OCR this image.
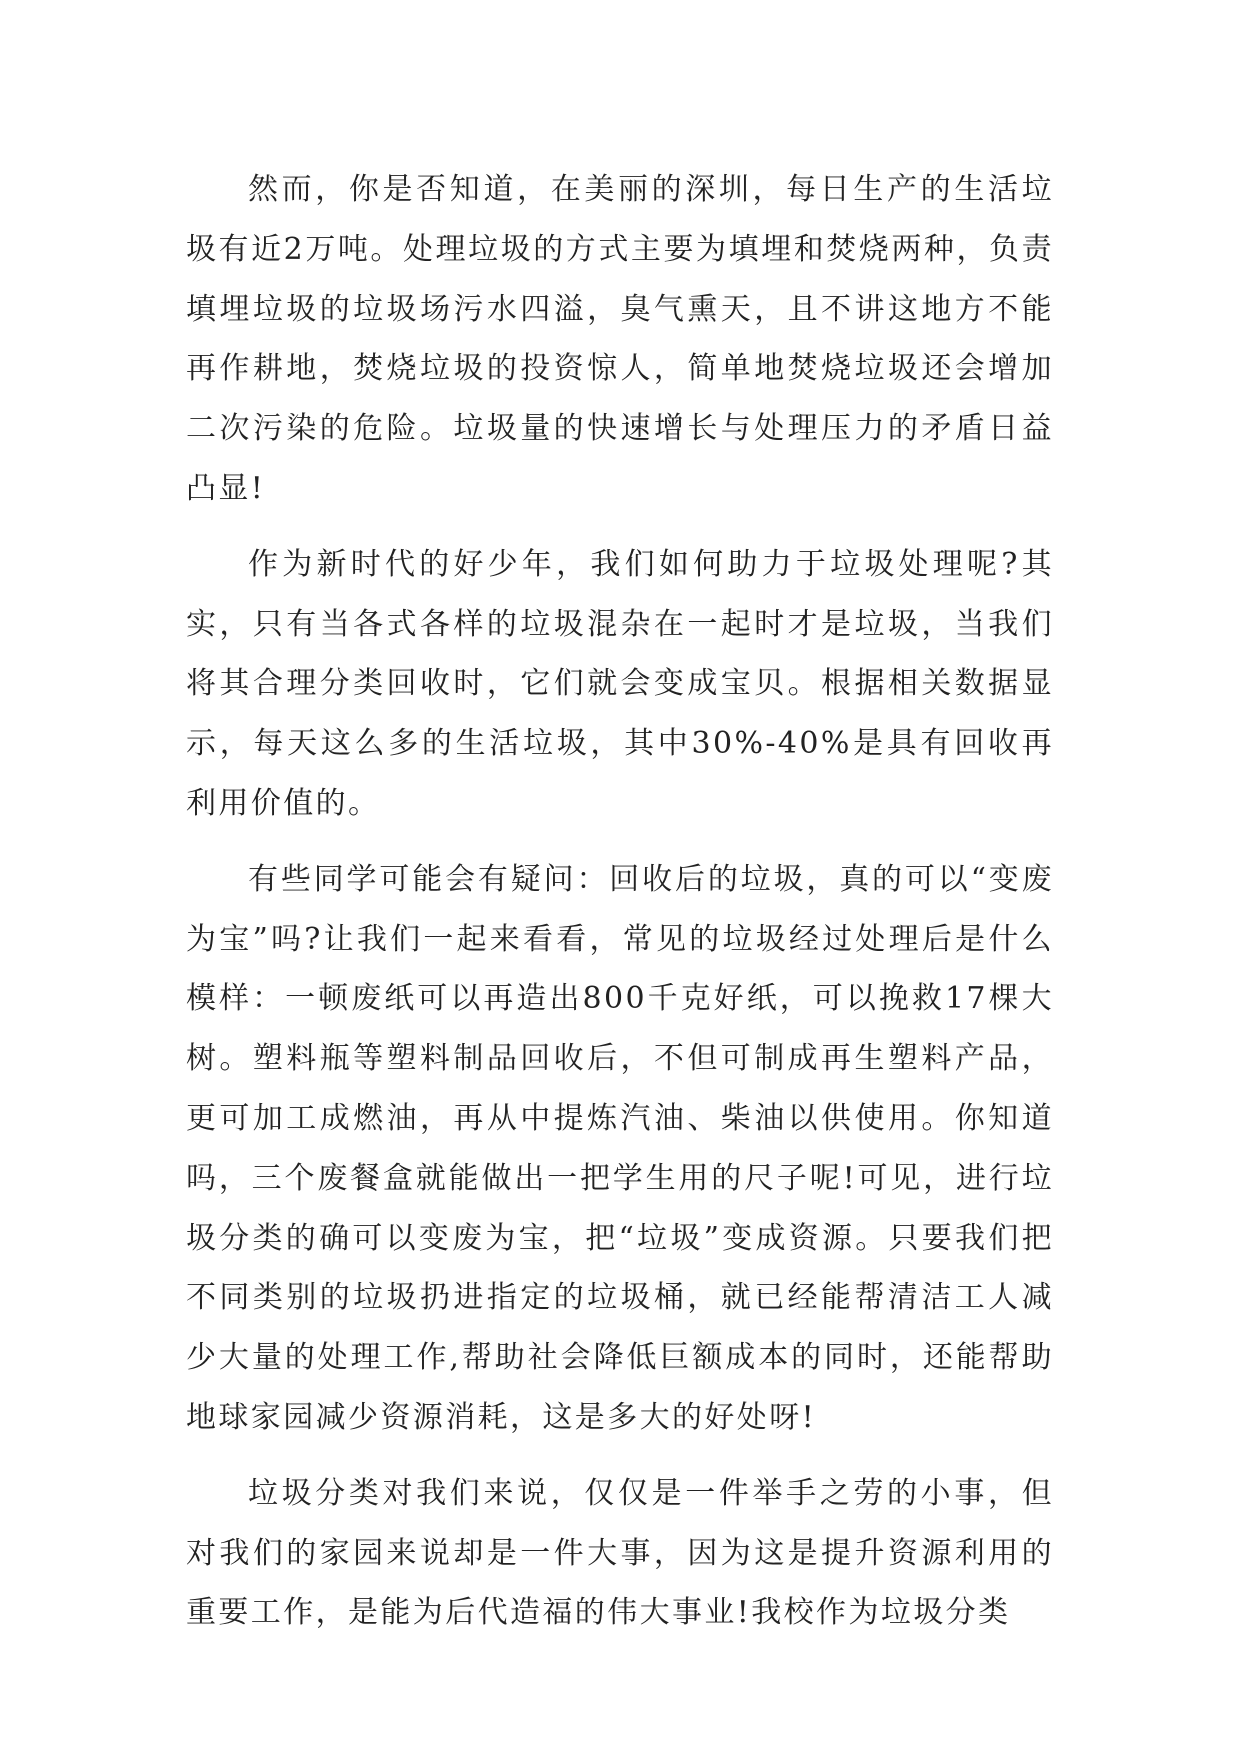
然而，你是否知道，在美丽的深圳，每日生产的生活垃圾有近2万吨。处理垃圾的方式主要为填埋和焚烧两种，负责填埋垃圾的垃圾场污水四溢，臭气熏天，且不讲这地方不能再作耕地，焚烧垃圾的投资惊人，简单地焚烧垃圾还会增加二次污染的危险。垃圾量的快速增长与处理压力的矛盾日益凸显!

作为新时代的好少年，我们如何助力于垃圾处理呢?其实，只有当各式各样的垃圾混杂在一起时才是垃圾，当我们将其合理分类回收时，它们就会变成宝贝。根据相关数据显示，每天这么多的生活垃圾，其中30%-40%是具有回收再利用价值的。

有些同学可能会有疑问：回收后的垃圾，真的可以“变废为宝”吗?让我们一起来看看，常见的垃圾经过处理后是什么模样：一顿废纸可以再造出800千克好纸，可以挽救17棵大树。塑料瓶等塑料制品回收后，不但可制成再生塑料产品，更可加工成燃油，再从中提炼汽油、柴油以供使用。你知道吗，三个废餐盒就能做出一把学生用的尺子呢!可见，进行垃圾分类的确可以变废为宝，把“垃圾”变成资源。只要我们把不同类别的垃圾扔进指定的垃圾桶，就已经能帮清洁工人减少大量的处理工作,帮助社会降低巨额成本的同时，还能帮助地球家园减少资源消耗，这是多大的好处呀!

垃圾分类对我们来说，仅仅是一件举手之劳的小事，但对我们的家园来说却是一件大事，因为这是提升资源利用的重要工作，是能为后代造福的伟大事业!我校作为垃圾分类
